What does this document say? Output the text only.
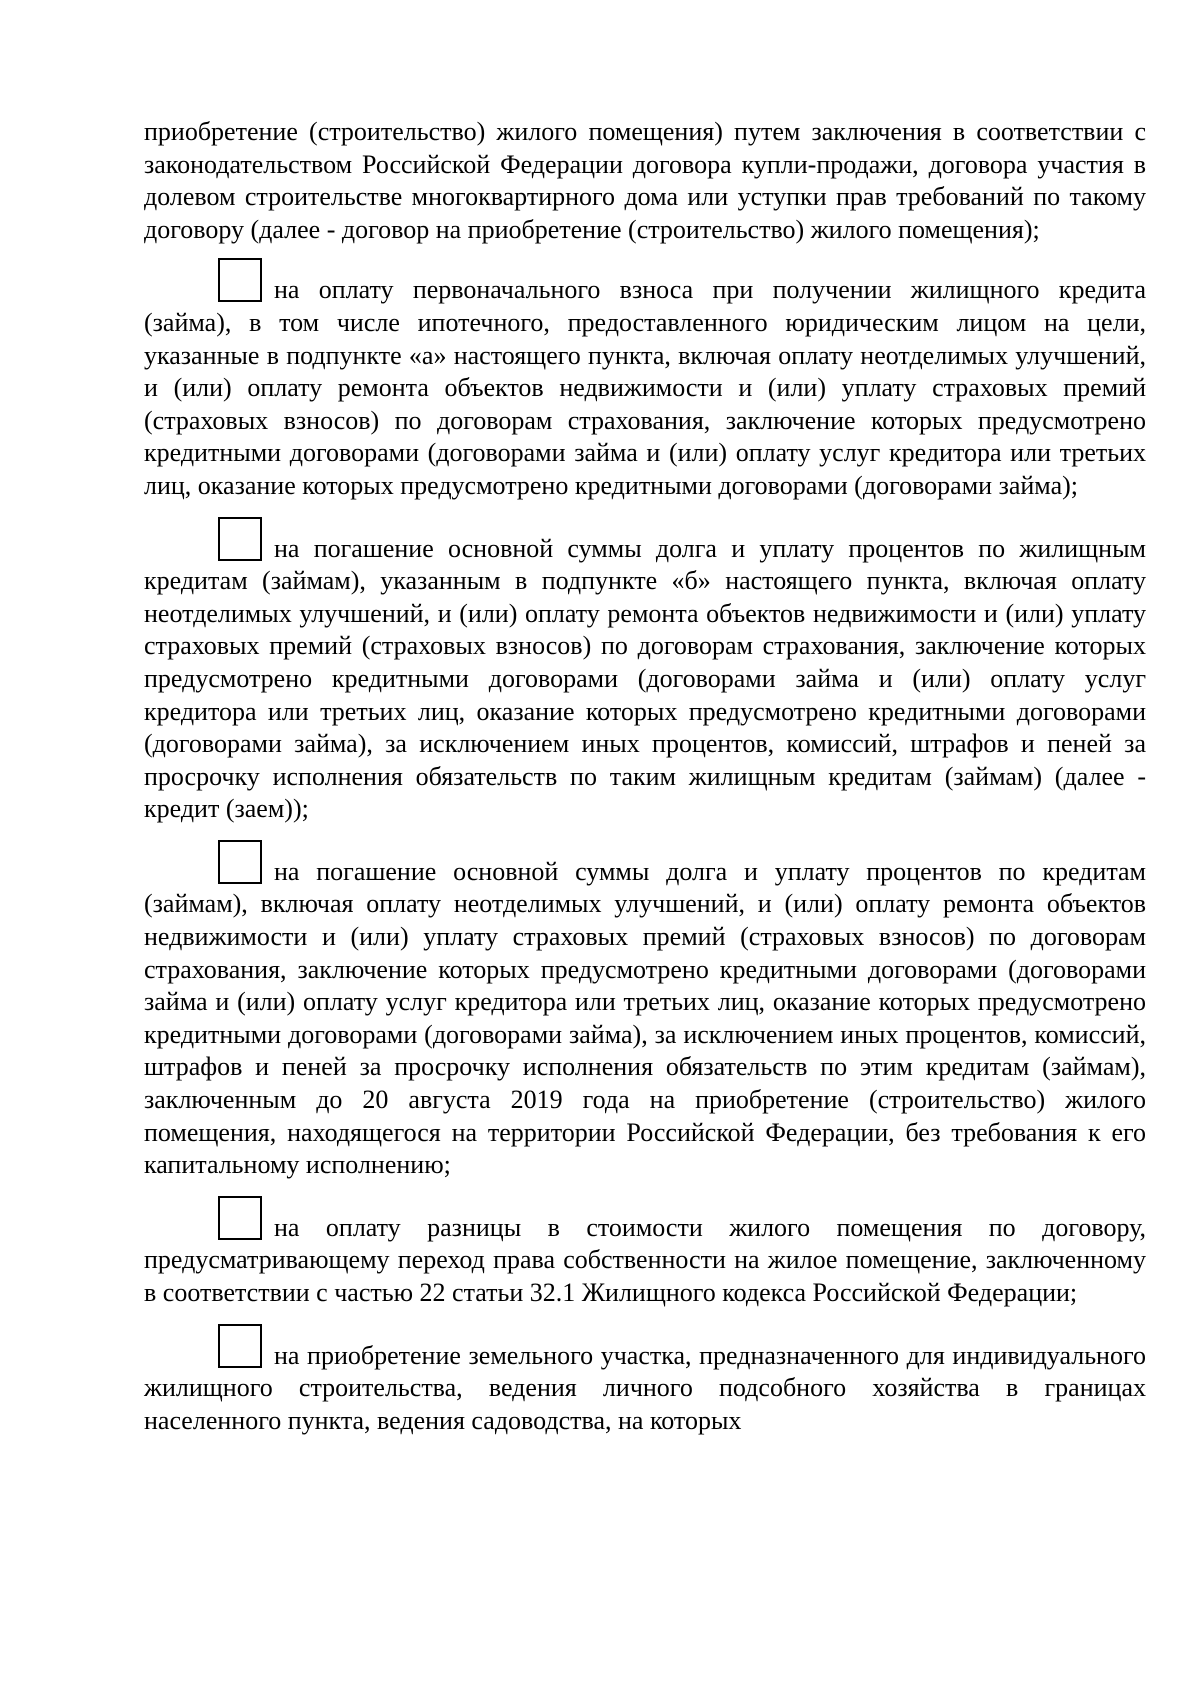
приобретение (строительство) жилого помещения) путем заключения в соответствии с законодательством Российской Федерации договора купли-продажи, договора участия в долевом строительстве многоквартирного дома или уступки прав требований по такому договору (далее - договор на приобретение (строительство) жилого помещения);

на оплату первоначального взноса при получении жилищного кредита (займа), в том числе ипотечного, предоставленного юридическим лицом на цели, указанные в подпункте «а» настоящего пункта, включая оплату неотделимых улучшений, и (или) оплату ремонта объектов недвижимости и (или) уплату страховых премий (страховых взносов) по договорам страхования, заключение которых предусмотрено кредитными договорами (договорами займа и (или) оплату услуг кредитора или третьих лиц, оказание которых предусмотрено кредитными договорами (договорами займа);

на погашение основной суммы долга и уплату процентов по жилищным кредитам (займам), указанным в подпункте «б» настоящего пункта, включая оплату неотделимых улучшений, и (или) оплату ремонта объектов недвижимости и (или) уплату страховых премий (страховых взносов) по договорам страхования, заключение которых предусмотрено кредитными договорами (договорами займа и (или) оплату услуг кредитора или третьих лиц, оказание которых предусмотрено кредитными договорами (договорами займа), за исключением иных процентов, комиссий, штрафов и пеней за просрочку исполнения обязательств по таким жилищным кредитам (займам) (далее - кредит (заем));

на погашение основной суммы долга и уплату процентов по кредитам (займам), включая оплату неотделимых улучшений, и (или) оплату ремонта объектов недвижимости и (или) уплату страховых премий (страховых взносов) по договорам страхования, заключение которых предусмотрено кредитными договорами (договорами займа и (или) оплату услуг кредитора или третьих лиц, оказание которых предусмотрено кредитными договорами (договорами займа), за исключением иных процентов, комиссий, штрафов и пеней за просрочку исполнения обязательств по этим кредитам (займам), заключенным до 20 августа 2019 года на приобретение (строительство) жилого помещения, находящегося на территории Российской Федерации, без требования к его капитальному исполнению;

на оплату разницы в стоимости жилого помещения по договору, предусматривающему переход права собственности на жилое помещение, заключенному в соответствии с частью 22 статьи 32.1 Жилищного кодекса Российской Федерации;

на приобретение земельного участка, предназначенного для индивидуального жилищного строительства, ведения личного подсобного хозяйства в границах населенного пункта, ведения садоводства, на которых
